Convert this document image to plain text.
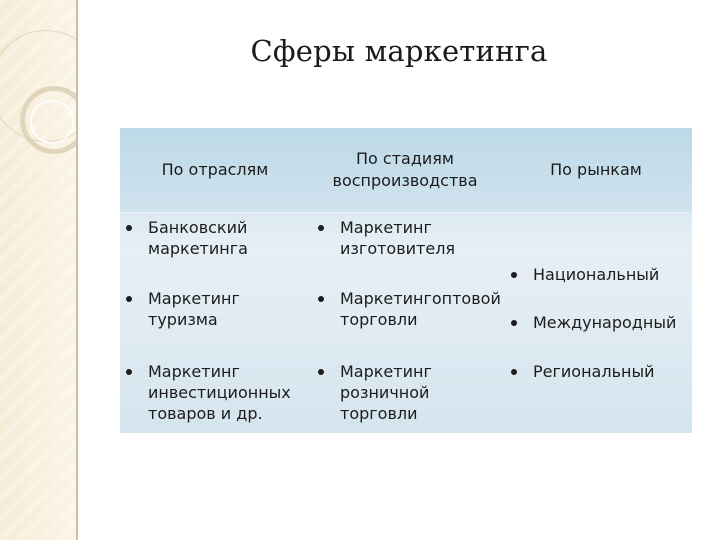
Сферы маркетинга
По отраслям
По стадиям воспроизводства
По рынкам
Банковский маркетинга
Маркетинг туризма
Маркетинг инвестиционных товаров и др.
Маркетинг изготовителя
Маркетингоптовой торговли
Маркетинг розничной торговли
Национальный
Международный
Региональный
